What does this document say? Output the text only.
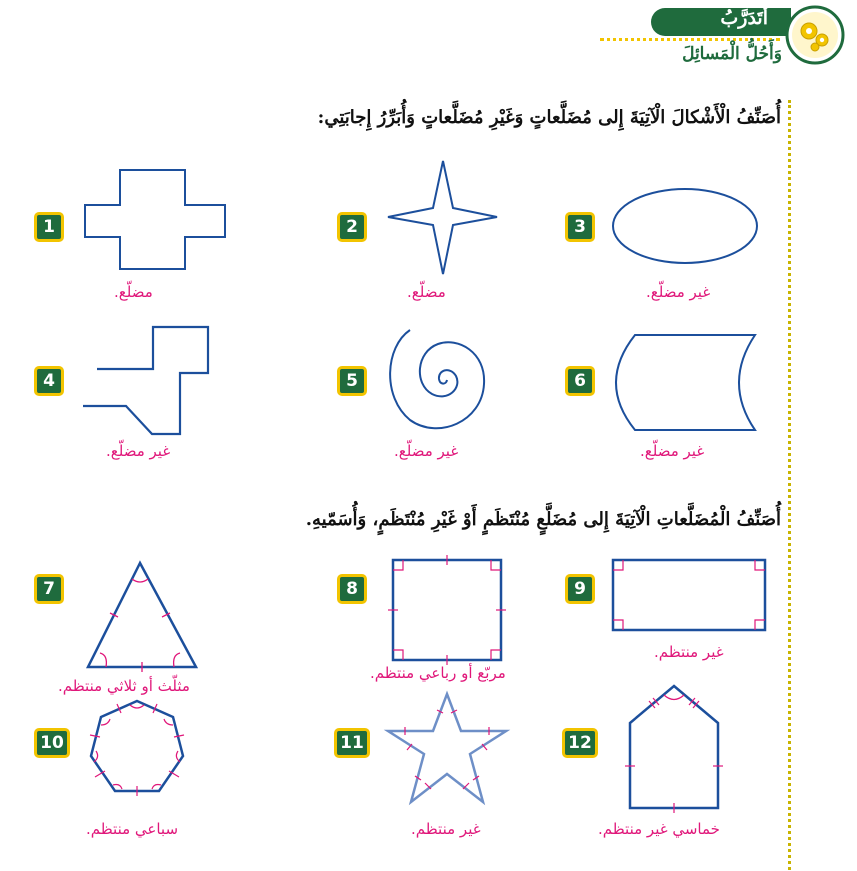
أَتَدَرَّبُ
وَأَحُلُّ الْمَسائِلَ
أُصَنِّفُ الْأَشْكالَ الْآتِيَةَ إِلى مُضَلَّعاتٍ وَغَيْرِ مُضَلَّعاتٍ وَأُبَرِّرُ إِجابَتِي:
1
مضلّع.
2
مضلّع.
3
غير مضلّع.
4
غير مضلّع.
5
غير مضلّع.
6
غير مضلّع.
أُصَنِّفُ الْمُضَلَّعاتِ الْآتِيَةَ إِلى مُضَلَّعٍ مُنْتَظَمٍ أَوْ غَيْرِ مُنْتَظَمٍ، وَأُسَمّيهِ.
7
مثلّث أو ثلاثي منتظم.
8
مربّع أو رباعي منتظم.
9
غير منتظم.
10
سباعي منتظم.
11
غير منتظم.
12
خماسي غير منتظم.
